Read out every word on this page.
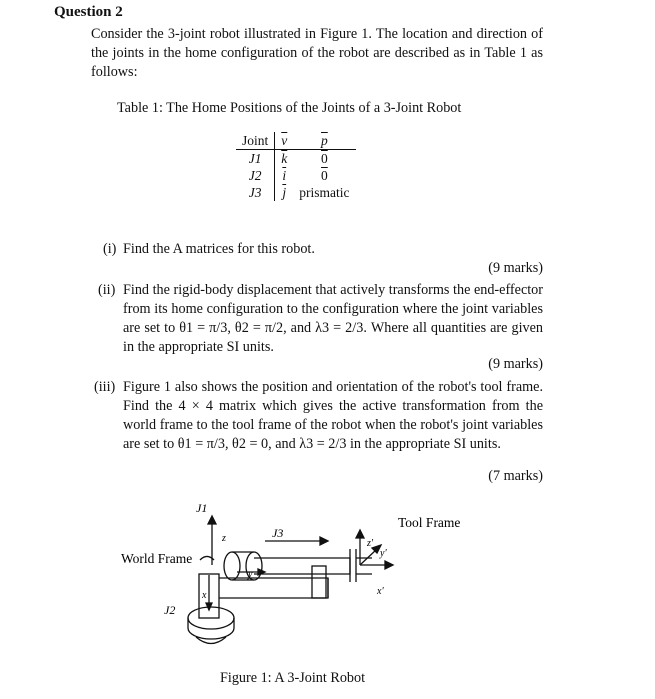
Question 2
Consider the 3-joint robot illustrated in Figure 1. The location and direction of the joints in the home configuration of the robot are described as in Table 1 as follows:
Table 1: The Home Positions of the Joints of a 3-Joint Robot
Joint	$\overline{v}$	$\overline{p}$
J1	$\overline{k}$	0
J2	$\overline{i}$	0
J3	$\overline{j}$	prismatic
(i) Find the A matrices for this robot.
(9 marks)
(ii) Find the rigid-body displacement that actively transforms the end-effector from its home configuration to the configuration where the joint variables are set to θ1 = π/3, θ2 = π/2, and λ3 = 2/3. Where all quantities are given in the appropriate SI units.
(9 marks)
(iii) Figure 1 also shows the position and orientation of the robot's tool frame. Find the 4 × 4 matrix which gives the active transformation from the world frame to the tool frame of the robot when the robot's joint variables are set to θ1 = π/3, θ2 = 0, and λ3 = 2/3 in the appropriate SI units.
(7 marks)
J1
J3
J2
World Frame
Tool Frame
z
y
x
z'
y'
x'
Figure 1: A 3-Joint Robot
